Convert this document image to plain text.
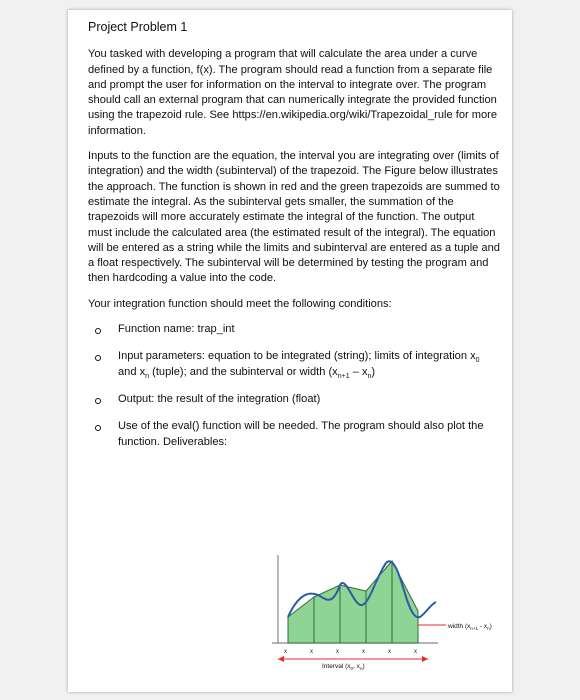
Project Problem 1

You tasked with developing a program that will calculate the area under a curve defined by a function, f(x). The program should read a function from a separate file and prompt the user for information on the interval to integrate over. The program should call an external program that can numerically integrate the provided function using the trapezoid rule. See https://en.wikipedia.org/wiki/Trapezoidal_rule for more information.

Inputs to the function are the equation, the interval you are integrating over (limits of integration) and the width (subinterval) of the trapezoid. The Figure below illustrates the approach. The function is shown in red and the green trapezoids are summed to estimate the integral. As the subinterval gets smaller, the summation of the trapezoids will more accurately estimate the integral of the function. The output must include the calculated area (the estimated result of the integral). The equation will be entered as a string while the limits and subinterval are entered as a tuple and a float respectively. The subinterval will be determined by testing the program and then hardcoding a value into the code.

Your integration function should meet the following conditions:

Function name: trap_int
Input parameters: equation to be integrated (string); limits of integration $x_0$ and $x_n$ (tuple); and the subinterval or width $(x_{n+1} - x_n)$
Output: the result of the integration (float)
Use of the eval() function will be needed. The program should also plot the function. Deliverables:
x	x	x	x	x	x
width $(x_{n+1} - x_n)$
Interval ($x_0$, $x_n$)
